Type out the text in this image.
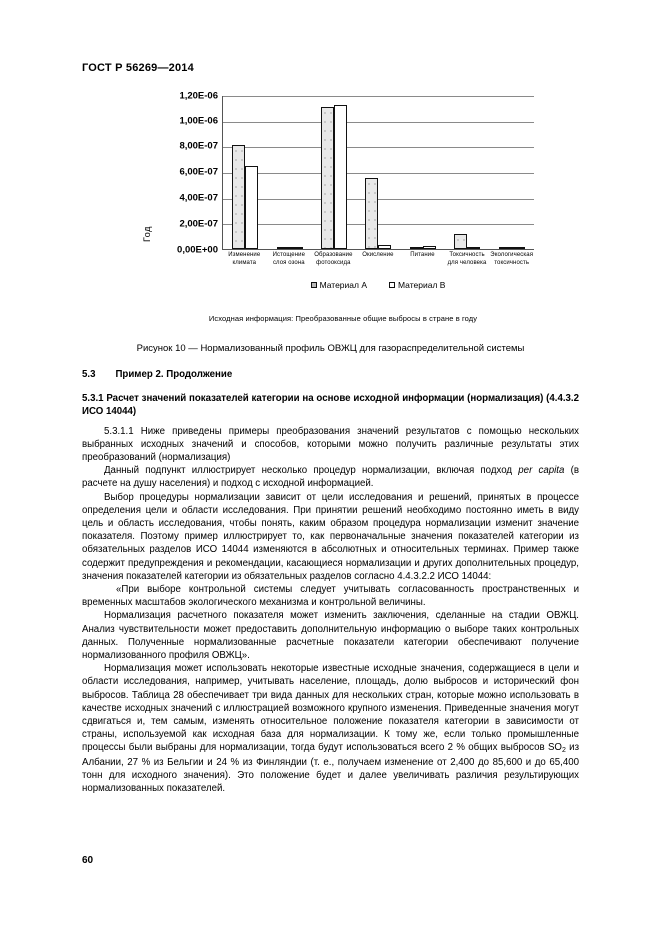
ГОСТ Р 56269—2014
Год
1,20E-06
1,00E-06
8,00E-07
6,00E-07
4,00E-07
2,00E-07
0,00E+00	Изменение климата
Истощение слоя озона
Образование фотооксида
Окисление	Питание	Токсичность для человека
Экологическая токсичность
Материал А	Материал В
Исходная информация: Преобразованные общие выбросы в стране в году
Рисунок 10 — Нормализованный профиль ОВЖЦ для газораспределительной системы
5.3 Пример 2. Продолжение
5.3.1 Расчет значений показателей категории на основе исходной информации (нормализация) (4.4.3.2 ИСО 14044)

5.3.1.1 Ниже приведены примеры преобразования значений результатов с помощью нескольких выбранных исходных значений и способов, которыми можно получить различные результаты этих преобразований (нормализация)

Данный подпункт иллюстрирует несколько процедур нормализации, включая подход per capita (в расчете на душу населения) и подход с исходной информацией.

Выбор процедуры нормализации зависит от цели исследования и решений, принятых в процессе определения цели и области исследования. При принятии решений необходимо постоянно иметь в виду цель и область исследования, чтобы понять, каким образом процедура нормализации изменит значение показателя. Поэтому пример иллюстрирует то, как первоначальные значения показателей категории из обязательных разделов ИСО 14044 изменяются в абсолютных и относительных терминах. Пример также содержит предупреждения и рекомендации, касающиеся нормализации и других дополнительных процедур, значения показателей категории из обязательных разделов согласно 4.4.3.2.2 ИСО 14044:

«При выборе контрольной системы следует учитывать согласованность пространственных и временных масштабов экологического механизма и контрольной величины.

Нормализация расчетного показателя может изменить заключения, сделанные на стадии ОВЖЦ. Анализ чувствительности может предоставить дополнительную информацию о выборе таких контрольных данных. Полученные нормализованные расчетные показатели категории обеспечивают получение нормализованного профиля ОВЖЦ».

Нормализация может использовать некоторые известные исходные значения, содержащиеся в цели и области исследования, например, учитывать население, площадь, долю выбросов и исторический фон выбросов. Таблица 28 обеспечивает три вида данных для нескольких стран, которые можно использовать в качестве исходных значений с иллюстрацией возможного крупного изменения. Приведенные значения могут сдвигаться и, тем самым, изменять относительное положение показателя категории в зависимости от страны, используемой как исходная база для нормализации. К тому же, если только промышленные процессы были выбраны для нормализации, тогда будут использоваться всего 2 % общих выбросов $SO_2$ из Албании, 27 % из Бельгии и 24 % из Финляндии (т. е., получаем изменение от 2,400 до 85,600 и до 65,400 тонн для исходного значения). Это положение будет и далее увеличивать различия результирующих нормализованных показателей.

60
